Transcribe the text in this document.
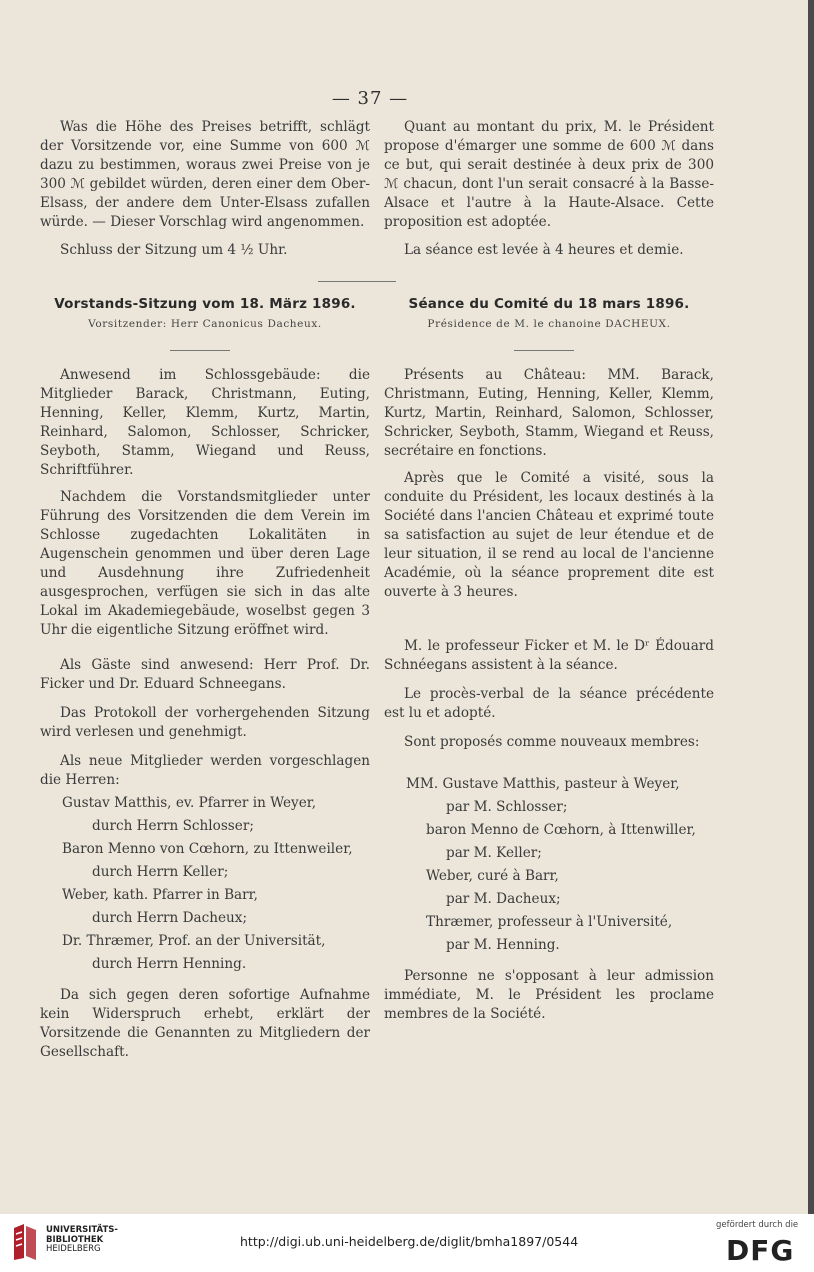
— 37 —

Was die Höhe des Preises betrifft, schlägt der Vorsitzende vor, eine Summe von 600 ℳ dazu zu bestimmen, woraus zwei Preise von je 300 ℳ gebildet würden, deren einer dem Ober-Elsass, der andere dem Unter-Elsass zufallen würde. — Dieser Vorschlag wird angenommen.

Schluss der Sitzung um 4 ½ Uhr.

Quant au montant du prix, M. le Président propose d'émarger une somme de 600 ℳ dans ce but, qui serait destinée à deux prix de 300 ℳ chacun, dont l'un serait consacré à la Basse-Alsace et l'autre à la Haute-Alsace. Cette proposition est adoptée.

La séance est levée à 4 heures et demie.

Vorstands-Sitzung vom 18. März 1896.
Vorsitzender: Herr Canonicus Dacheux.
Séance du Comité du 18 mars 1896.
Présidence de M. le chanoine DACHEUX.

Anwesend im Schlossgebäude: die Mitglieder Barack, Christmann, Euting, Henning, Keller, Klemm, Kurtz, Martin, Reinhard, Salomon, Schlosser, Schricker, Seyboth, Stamm, Wiegand und Reuss, Schriftführer.

Nachdem die Vorstandsmitglieder unter Führung des Vorsitzenden die dem Verein im Schlosse zugedachten Lokalitäten in Augenschein genommen und über deren Lage und Ausdehnung ihre Zufriedenheit ausgesprochen, verfügen sie sich in das alte Lokal im Akademiegebäude, woselbst gegen 3 Uhr die eigentliche Sitzung eröffnet wird.

Als Gäste sind anwesend: Herr Prof. Dr. Ficker und Dr. Eduard Schneegans.

Das Protokoll der vorhergehenden Sitzung wird verlesen und genehmigt.

Als neue Mitglieder werden vorgeschlagen die Herren:

Gustav Matthis, ev. Pfarrer in Weyer,

durch Herrn Schlosser;

Baron Menno von Cœhorn, zu Ittenweiler,

durch Herrn Keller;

Weber, kath. Pfarrer in Barr,

durch Herrn Dacheux;

Dr. Thræmer, Prof. an der Universität,

durch Herrn Henning.

Da sich gegen deren sofortige Aufnahme kein Widerspruch erhebt, erklärt der Vorsitzende die Genannten zu Mitgliedern der Gesellschaft.

Présents au Château: MM. Barack, Christmann, Euting, Henning, Keller, Klemm, Kurtz, Martin, Reinhard, Salomon, Schlosser, Schricker, Seyboth, Stamm, Wiegand et Reuss, secrétaire en fonctions.

Après que le Comité a visité, sous la conduite du Président, les locaux destinés à la Société dans l'ancien Château et exprimé toute sa satisfaction au sujet de leur étendue et de leur situation, il se rend au local de l'ancienne Académie, où la séance proprement dite est ouverte à 3 heures.

M. le professeur Ficker et M. le Dʳ Édouard Schnéegans assistent à la séance.

Le procès-verbal de la séance précédente est lu et adopté.

Sont proposés comme nouveaux membres:

MM. Gustave Matthis, pasteur à Weyer,

par M. Schlosser;

baron Menno de Cœhorn, à Ittenwiller,

par M. Keller;

Weber, curé à Barr,

par M. Dacheux;

Thræmer, professeur à l'Université,

par M. Henning.

Personne ne s'opposant à leur admission immédiate, M. le Président les proclame membres de la Société.

UNIVERSITÄTS-
BIBLIOTHEK
HEIDELBERG	http://digi.ub.uni-heidelberg.de/diglit/bmha1897/0544
gefördert durch die
DFG
